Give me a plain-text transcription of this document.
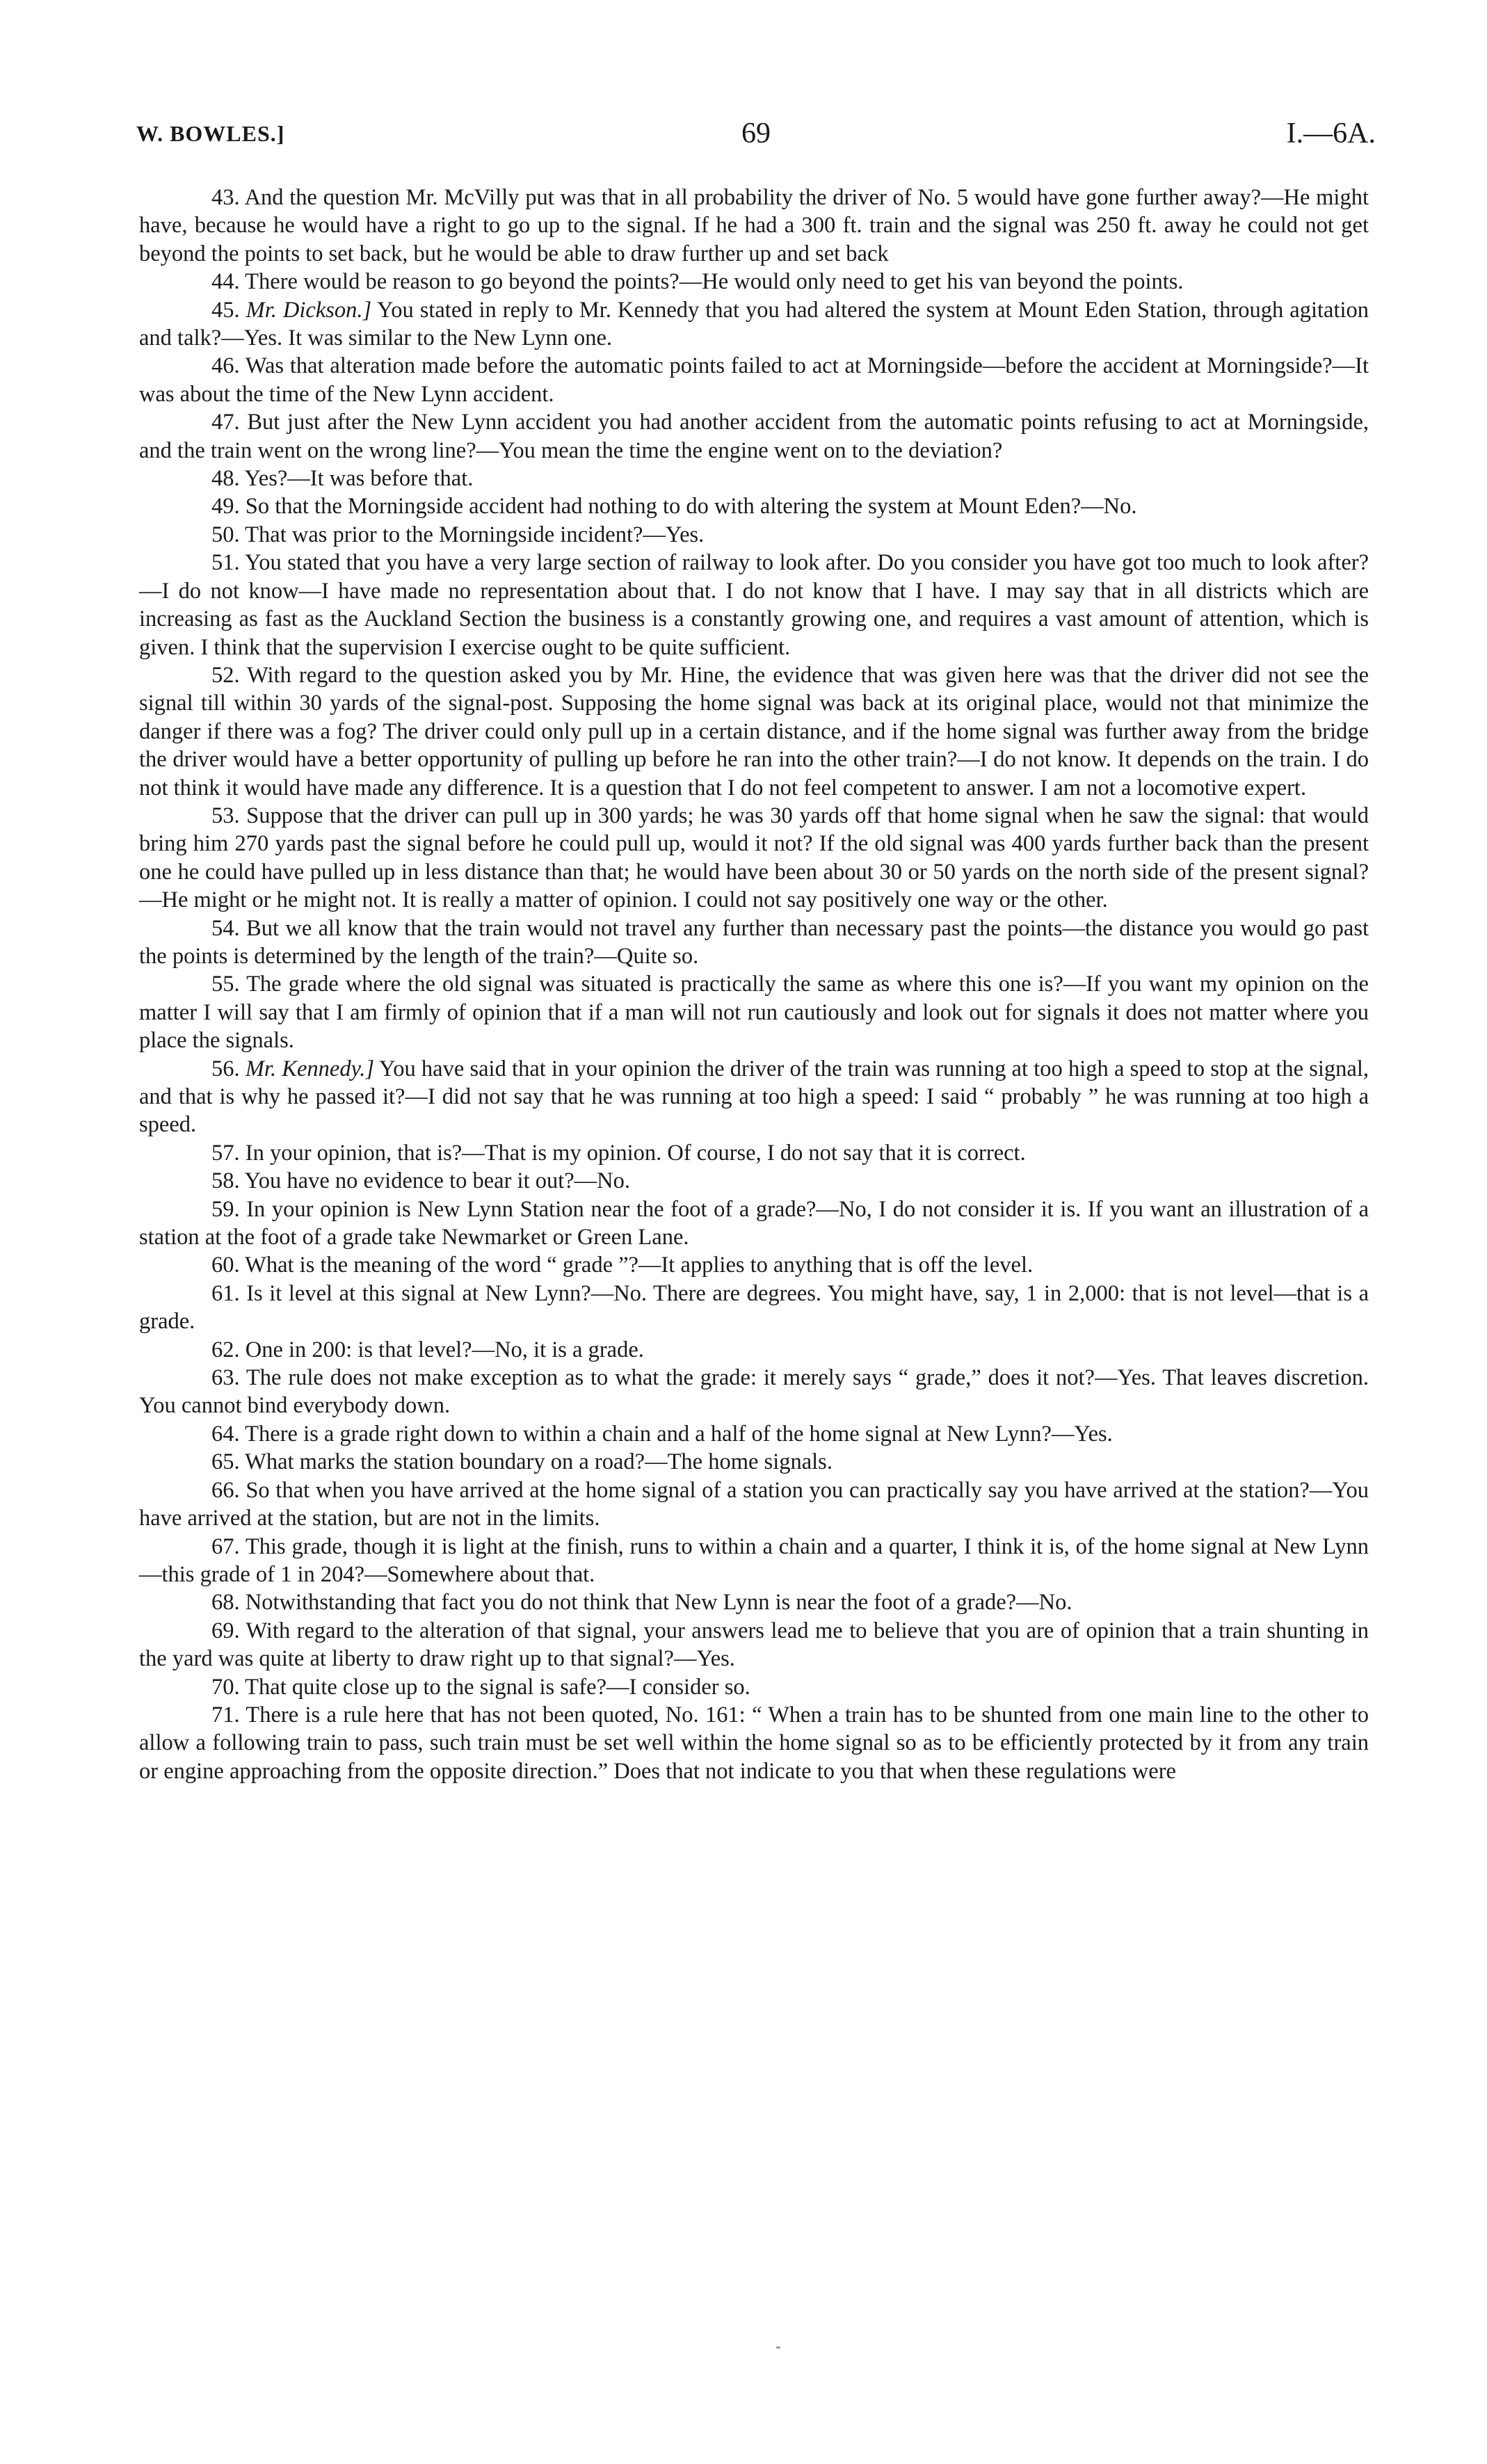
W. BOWLES.]	69	I.—6A.

43. And the question Mr. McVilly put was that in all probability the driver of No. 5 would have gone further away?—He might have, because he would have a right to go up to the signal. If he had a 300 ft. train and the signal was 250 ft. away he could not get beyond the points to set back, but he would be able to draw further up and set back

44. There would be reason to go beyond the points?—He would only need to get his van beyond the points.

45. Mr. Dickson.] You stated in reply to Mr. Kennedy that you had altered the system at Mount Eden Station, through agitation and talk?—Yes. It was similar to the New Lynn one.

46. Was that alteration made before the automatic points failed to act at Morningside—before the accident at Morningside?—It was about the time of the New Lynn accident.

47. But just after the New Lynn accident you had another accident from the automatic points refusing to act at Morningside, and the train went on the wrong line?—You mean the time the engine went on to the deviation?

48. Yes?—It was before that.

49. So that the Morningside accident had nothing to do with altering the system at Mount Eden?—No.

50. That was prior to the Morningside incident?—Yes.

51. You stated that you have a very large section of railway to look after. Do you consider you have got too much to look after?—I do not know—I have made no representation about that. I do not know that I have. I may say that in all districts which are increasing as fast as the Auckland Section the business is a constantly growing one, and requires a vast amount of attention, which is given. I think that the supervision I exercise ought to be quite sufficient.

52. With regard to the question asked you by Mr. Hine, the evidence that was given here was that the driver did not see the signal till within 30 yards of the signal-post. Supposing the home signal was back at its original place, would not that minimize the danger if there was a fog? The driver could only pull up in a certain distance, and if the home signal was further away from the bridge the driver would have a better opportunity of pulling up before he ran into the other train?—I do not know. It depends on the train. I do not think it would have made any difference. It is a question that I do not feel competent to answer. I am not a locomotive expert.

53. Suppose that the driver can pull up in 300 yards; he was 30 yards off that home signal when he saw the signal: that would bring him 270 yards past the signal before he could pull up, would it not? If the old signal was 400 yards further back than the present one he could have pulled up in less distance than that; he would have been about 30 or 50 yards on the north side of the present signal?—He might or he might not. It is really a matter of opinion. I could not say positively one way or the other.

54. But we all know that the train would not travel any further than necessary past the points—the distance you would go past the points is determined by the length of the train?—Quite so.

55. The grade where the old signal was situated is practically the same as where this one is?—If you want my opinion on the matter I will say that I am firmly of opinion that if a man will not run cautiously and look out for signals it does not matter where you place the signals.

56. Mr. Kennedy.] You have said that in your opinion the driver of the train was running at too high a speed to stop at the signal, and that is why he passed it?—I did not say that he was running at too high a speed: I said “ probably ” he was running at too high a speed.

57. In your opinion, that is?—That is my opinion. Of course, I do not say that it is correct.

58. You have no evidence to bear it out?—No.

59. In your opinion is New Lynn Station near the foot of a grade?—No, I do not consider it is. If you want an illustration of a station at the foot of a grade take Newmarket or Green Lane.

60. What is the meaning of the word “ grade ”?—It applies to anything that is off the level.

61. Is it level at this signal at New Lynn?—No. There are degrees. You might have, say, 1 in 2,000: that is not level—that is a grade.

62. One in 200: is that level?—No, it is a grade.

63. The rule does not make exception as to what the grade: it merely says “ grade,” does it not?—Yes. That leaves discretion. You cannot bind everybody down.

64. There is a grade right down to within a chain and a half of the home signal at New Lynn?—Yes.

65. What marks the station boundary on a road?—The home signals.

66. So that when you have arrived at the home signal of a station you can practically say you have arrived at the station?—You have arrived at the station, but are not in the limits.

67. This grade, though it is light at the finish, runs to within a chain and a quarter, I think it is, of the home signal at New Lynn—this grade of 1 in 204?—Somewhere about that.

68. Notwithstanding that fact you do not think that New Lynn is near the foot of a grade?—No.

69. With regard to the alteration of that signal, your answers lead me to believe that you are of opinion that a train shunting in the yard was quite at liberty to draw right up to that signal?—Yes.

70. That quite close up to the signal is safe?—I consider so.

71. There is a rule here that has not been quoted, No. 161: “ When a train has to be shunted from one main line to the other to allow a following train to pass, such train must be set well within the home signal so as to be efficiently protected by it from any train or engine approaching from the opposite direction.” Does that not indicate to you that when these regulations were
